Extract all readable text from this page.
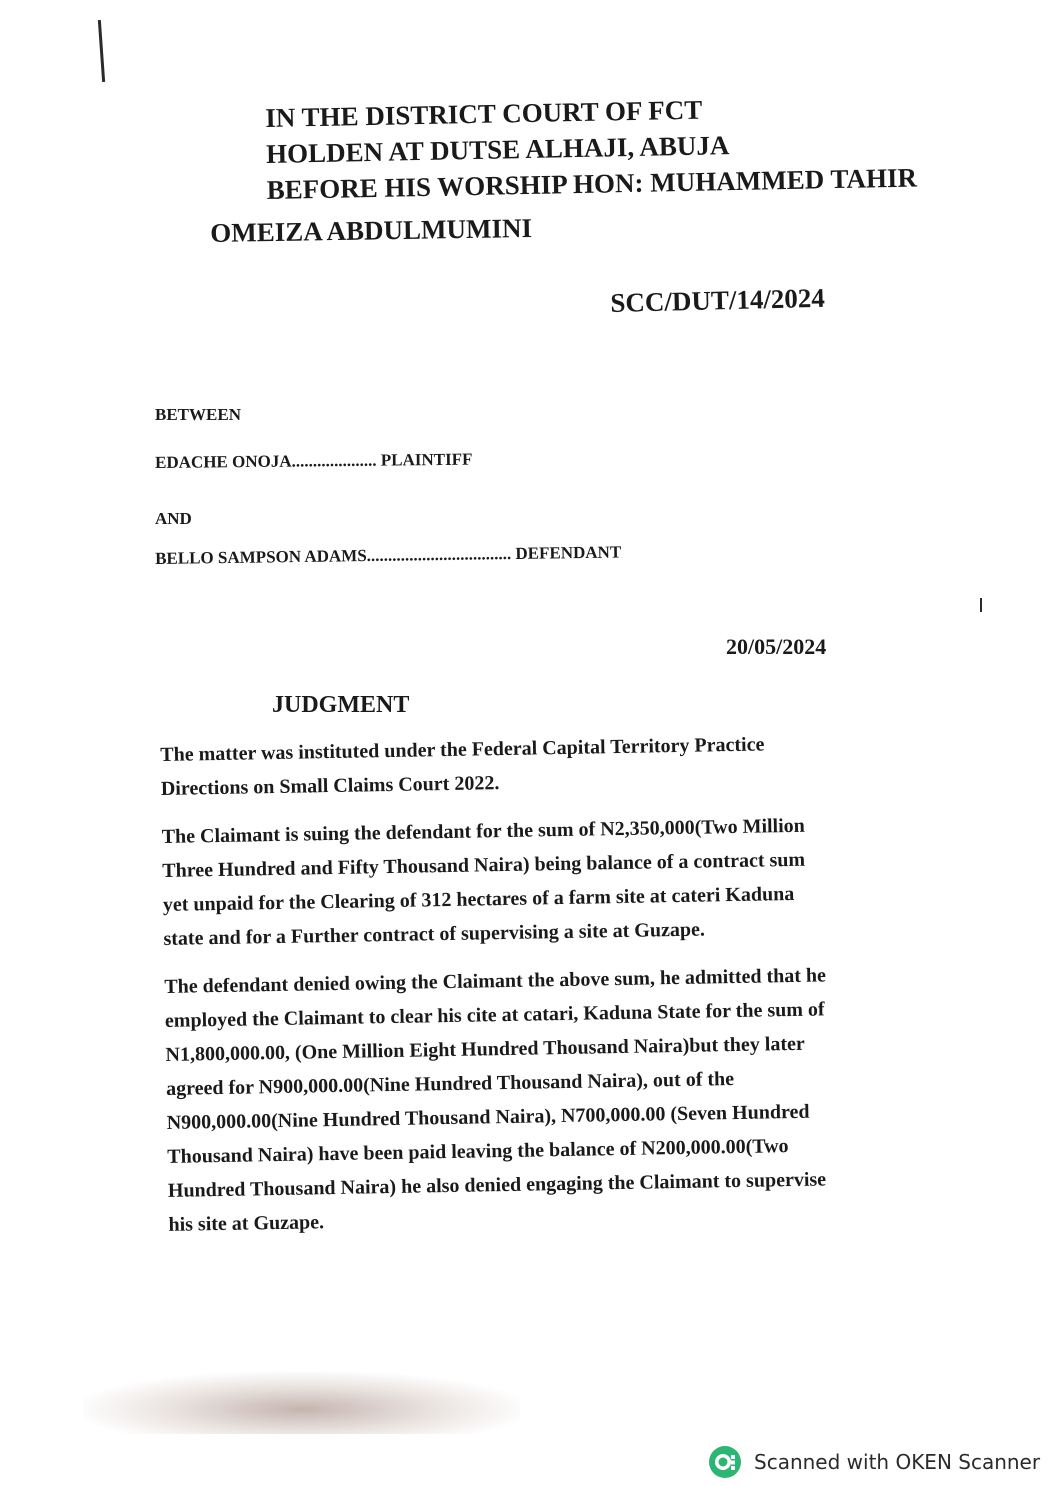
IN THE DISTRICT COURT OF FCT
HOLDEN AT DUTSE ALHAJI, ABUJA
BEFORE HIS WORSHIP HON: MUHAMMED TAHIR
OMEIZA ABDULMUMINI
SCC/DUT/14/2024
BETWEEN
EDACHE ONOJA.................... PLAINTIFF
AND
BELLO SAMPSON ADAMS.................................. DEFENDANT
20/05/2024
JUDGMENT

The matter was instituted under the Federal Capital Territory Practice
Directions on Small Claims Court 2022.

The Claimant is suing the defendant for the sum of N2,350,000(Two Million
Three Hundred and Fifty Thousand Naira) being balance of a contract sum
yet unpaid for the Clearing of 312 hectares of a farm site at cateri Kaduna
state and for a Further contract of supervising a site at Guzape.

The defendant denied owing the Claimant the above sum, he admitted that he
employed the Claimant to clear his cite at catari, Kaduna State for the sum of
N1,800,000.00, (One Million Eight Hundred Thousand Naira)but they later
agreed for N900,000.00(Nine Hundred Thousand Naira), out of the
N900,000.00(Nine Hundred Thousand Naira), N700,000.00 (Seven Hundred
Thousand Naira) have been paid leaving the balance of N200,000.00(Two
Hundred Thousand Naira) he also denied engaging the Claimant to supervise
his site at Guzape.

Scanned with OKEN Scanner
